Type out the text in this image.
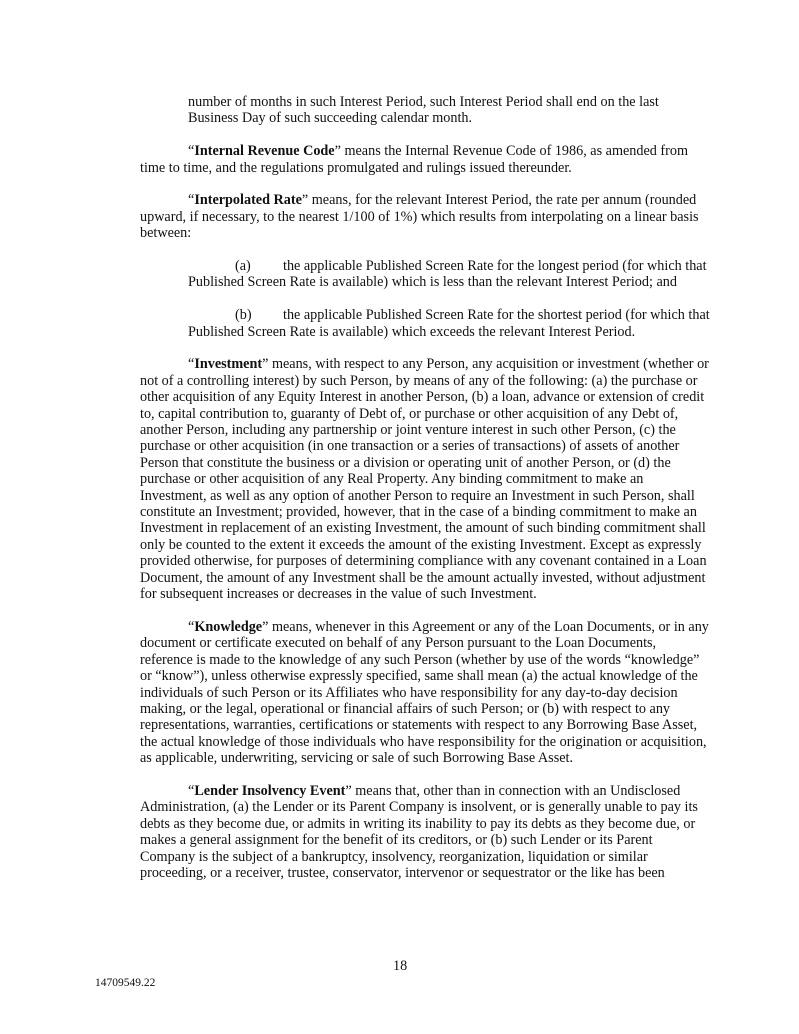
number of months in such Interest Period, such Interest Period shall end on the last Business Day of such succeeding calendar month.

“Internal Revenue Code” means the Internal Revenue Code of 1986, as amended from time to time, and the regulations promulgated and rulings issued thereunder.

“Interpolated Rate” means, for the relevant Interest Period, the rate per annum (rounded upward, if necessary, to the nearest 1/100 of 1%) which results from interpolating on a linear basis between:

(a) the applicable Published Screen Rate for the longest period (for which that Published Screen Rate is available) which is less than the relevant Interest Period; and

(b) the applicable Published Screen Rate for the shortest period (for which that Published Screen Rate is available) which exceeds the relevant Interest Period.

“Investment” means, with respect to any Person, any acquisition or investment (whether or not of a controlling interest) by such Person, by means of any of the following: (a) the purchase or other acquisition of any Equity Interest in another Person, (b) a loan, advance or extension of credit to, capital contribution to, guaranty of Debt of, or purchase or other acquisition of any Debt of, another Person, including any partnership or joint venture interest in such other Person, (c) the purchase or other acquisition (in one transaction or a series of transactions) of assets of another Person that constitute the business or a division or operating unit of another Person, or (d) the purchase or other acquisition of any Real Property. Any binding commitment to make an Investment, as well as any option of another Person to require an Investment in such Person, shall constitute an Investment; provided, however, that in the case of a binding commitment to make an Investment in replacement of an existing Investment, the amount of such binding commitment shall only be counted to the extent it exceeds the amount of the existing Investment. Except as expressly provided otherwise, for purposes of determining compliance with any covenant contained in a Loan Document, the amount of any Investment shall be the amount actually invested, without adjustment for subsequent increases or decreases in the value of such Investment.

“Knowledge” means, whenever in this Agreement or any of the Loan Documents, or in any document or certificate executed on behalf of any Person pursuant to the Loan Documents, reference is made to the knowledge of any such Person (whether by use of the words “knowledge” or “know”), unless otherwise expressly specified, same shall mean (a) the actual knowledge of the individuals of such Person or its Affiliates who have responsibility for any day-to-day decision making, or the legal, operational or financial affairs of such Person; or (b) with respect to any representations, warranties, certifications or statements with respect to any Borrowing Base Asset, the actual knowledge of those individuals who have responsibility for the origination or acquisition, as applicable, underwriting, servicing or sale of such Borrowing Base Asset.

“Lender Insolvency Event” means that, other than in connection with an Undisclosed Administration, (a) the Lender or its Parent Company is insolvent, or is generally unable to pay its debts as they become due, or admits in writing its inability to pay its debts as they become due, or makes a general assignment for the benefit of its creditors, or (b) such Lender or its Parent Company is the subject of a bankruptcy, insolvency, reorganization, liquidation or similar proceeding, or a receiver, trustee, conservator, intervenor or sequestrator or the like has been

18
14709549.22
